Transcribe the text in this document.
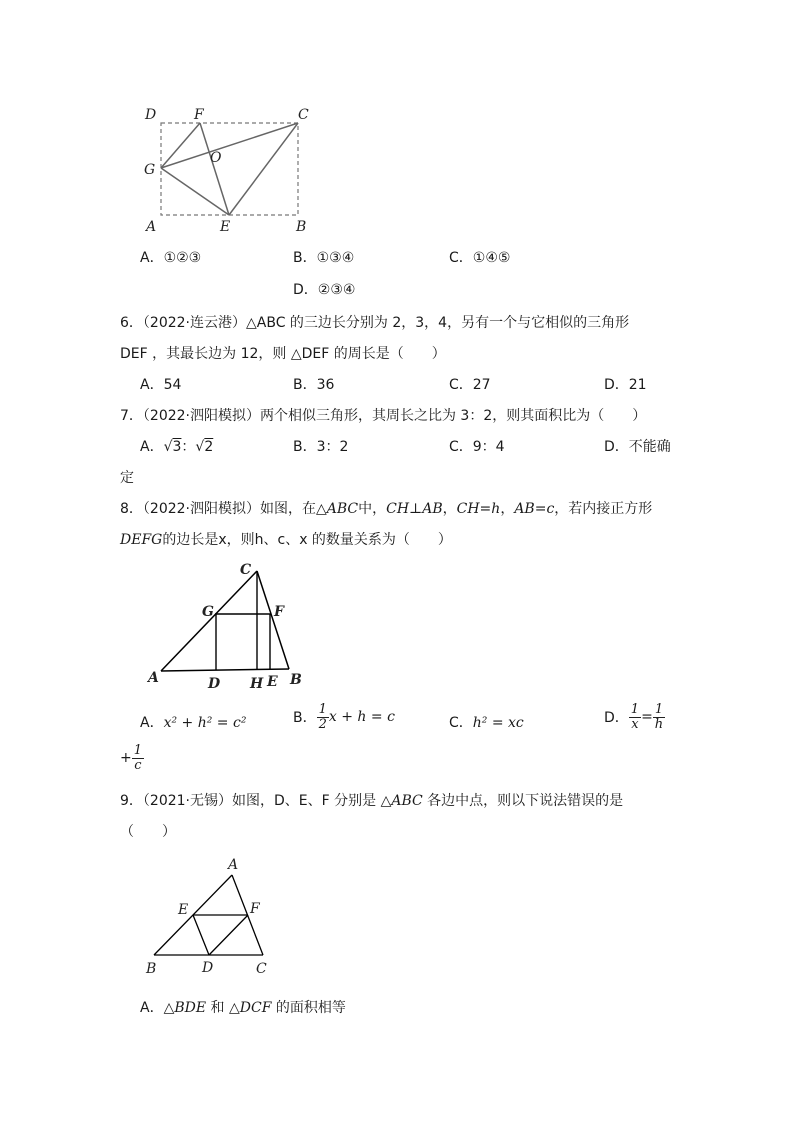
D	F	C
G
O
A	E	B
A．①②③	B．①③④	C．①④⑤
D．②③④
6．（2022·连云港）△ABC 的三边长分别为 2，3，4，另有一个与它相似的三角形
DEF ，其最长边为 12，则 △DEF 的周长是（　　）
A．54	B．36	C．27	D．21
7．（2022·泗阳模拟）两个相似三角形，其周长之比为 3：2，则其面积比为（　　）
A．√3：√2	B．3：2	C．9：4	D．不能确
定
8．（2022·泗阳模拟）如图，在△ABC中，CH⊥AB，CH=h，AB=c，若内接正方形
DEFG的边长是x，则h、c、x 的数量关系为（　　）
C
G	F
A	D H E B
A．x² + h² = c²	B． $\frac{1}{2}$ x + h = c	C．h² = xc	D． $\frac{1}{x} = \frac{1}{h}$
+ $\frac{1}{c}$
9．（2021·无锡）如图，D、E、F 分别是 △ABC 各边中点，则以下说法错误的是
（　　）
A
E	F
B	D	C
A．△BDE 和 △DCF 的面积相等
